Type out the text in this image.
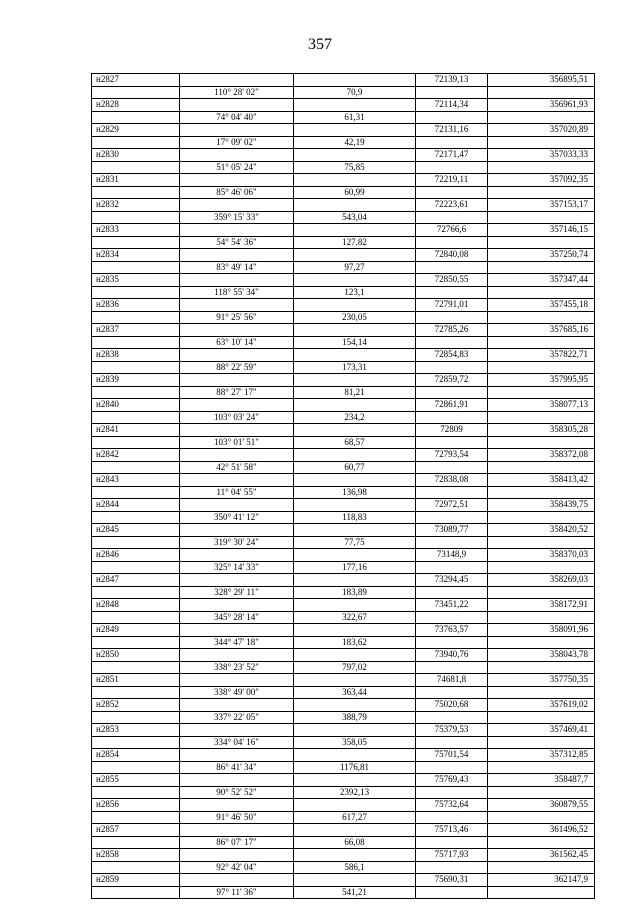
357
н2827			72139,13	356895,51
	110° 28' 02"	70,9		
н2828			72114,34	356961,93
	74° 04' 40"	61,31		
н2829			72131,16	357020,89
	17° 09' 02"	42,19		
н2830			72171,47	357033,33
	51° 05' 24"	75,85		
н2831			72219,11	357092,35
	85° 46' 06"	60,99		
н2832			72223,61	357153,17
	359° 15' 33"	543,04		
н2833			72766,6	357146,15
	54° 54' 36"	127,82		
н2834			72840,08	357250,74
	83° 49' 14"	97,27		
н2835			72850,55	357347,44
	118° 55' 34"	123,1		
н2836			72791,01	357455,18
	91° 25' 56"	230,05		
н2837			72785,26	357685,16
	63° 10' 14"	154,14		
н2838			72854,83	357822,71
	88° 22' 59"	173,31		
н2839			72859,72	357995,95
	88° 27' 17"	81,21		
н2840			72861,91	358077,13
	103° 03' 24"	234,2		
н2841			72809	358305,28
	103° 01' 51"	68,57		
н2842			72793,54	358372,08
	42° 51' 58"	60,77		
н2843			72838,08	358413,42
	11° 04' 55"	136,98		
н2844			72972,51	358439,75
	350° 41' 12"	118,83		
н2845			73089,77	358420,52
	319° 30' 24"	77,75		
н2846			73148,9	358370,03
	325° 14' 33"	177,16		
н2847			73294,45	358269,03
	328° 29' 11"	183,89		
н2848			73451,22	358172,91
	345° 28' 14"	322,67		
н2849			73763,57	358091,96
	344° 47' 18"	183,62		
н2850			73940,76	358043,78
	338° 23' 52"	797,02		
н2851			74681,8	357750,35
	338° 49' 00"	363,44		
н2852			75020,68	357619,02
	337° 22' 05"	388,79		
н2853			75379,53	357469,41
	334° 04' 16"	358,05		
н2854			75701,54	357312,85
	86° 41' 34"	1176,81		
н2855			75769,43	358487,7
	90° 52' 52"	2392,13		
н2856			75732,64	360879,55
	91° 46' 50"	617,27		
н2857			75713,46	361496,52
	86° 07' 17"	66,08		
н2858			75717,93	361562,45
	92° 42' 04"	586,1		
н2859			75690,31	362147,9
	97° 11' 36"	541,21		
